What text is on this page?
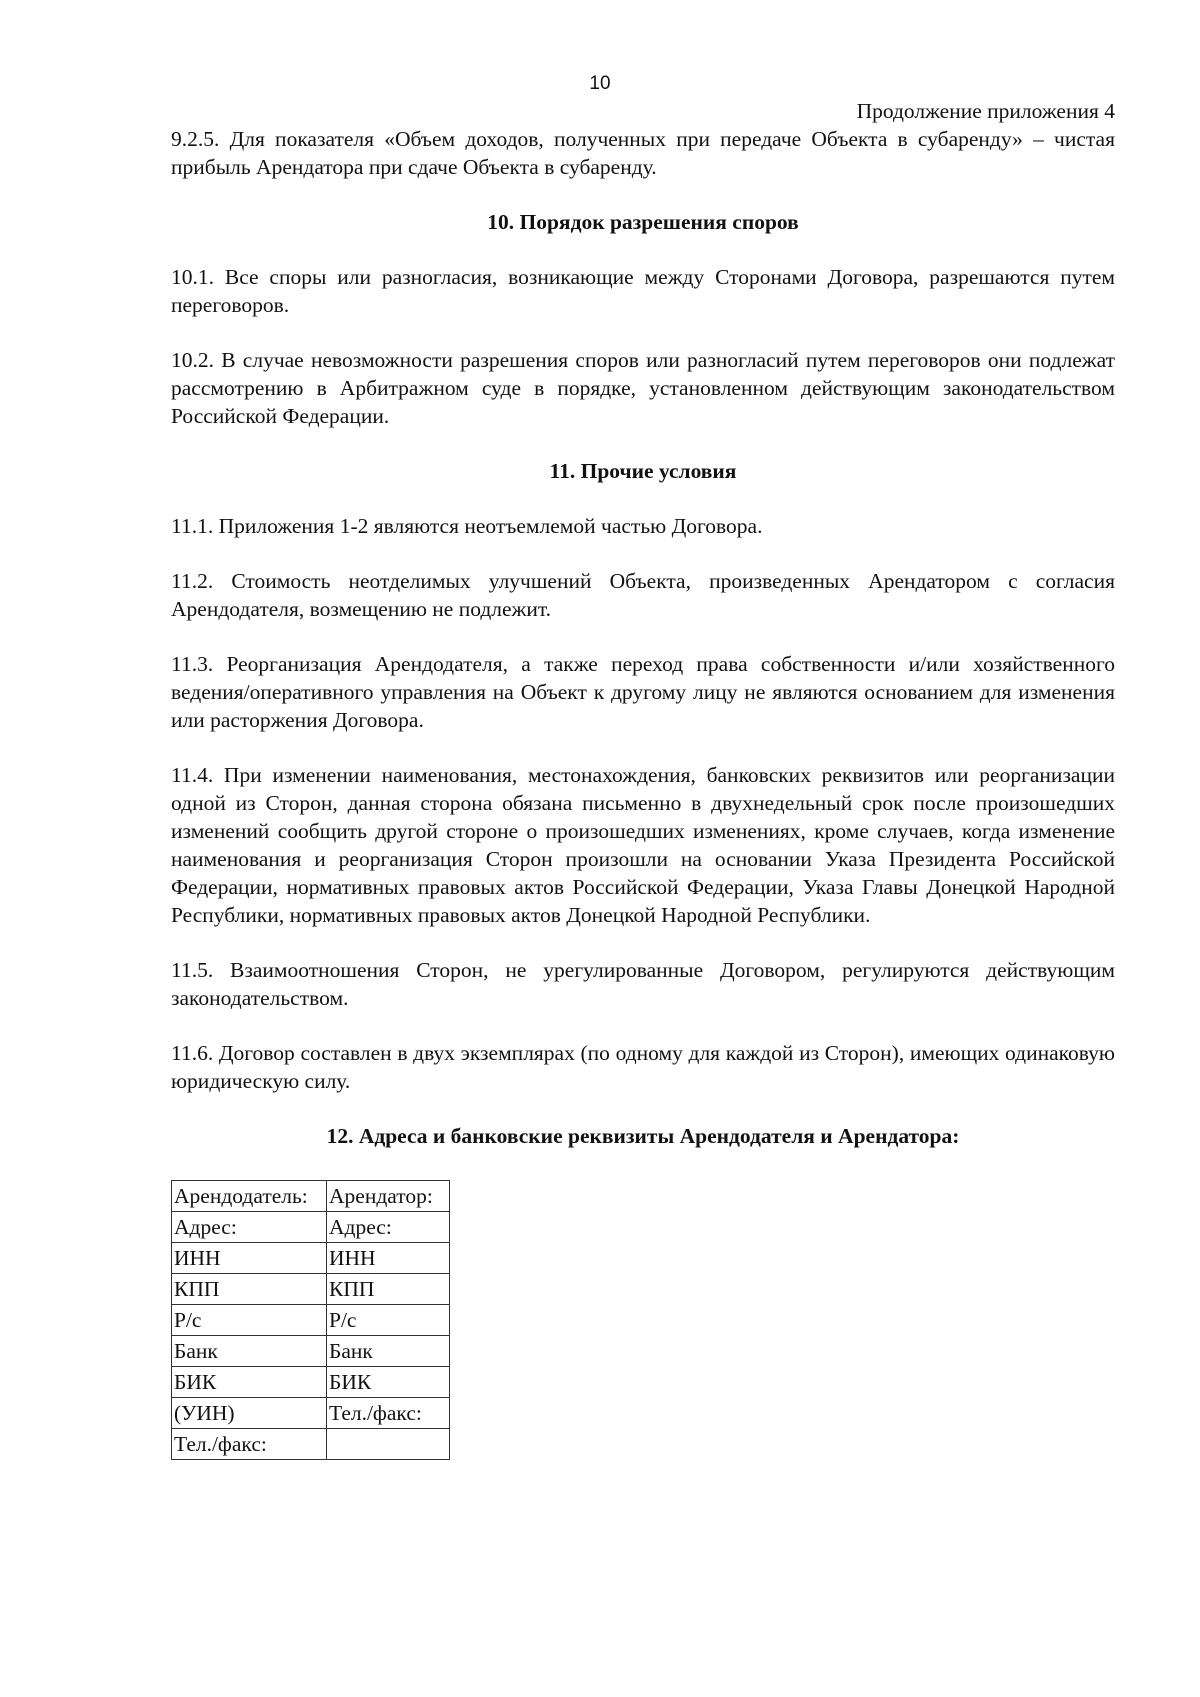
10
Продолжение приложения 4

9.2.5. Для показателя «Объем доходов, полученных при передаче Объекта в субаренду» – чистая прибыль Арендатора при сдаче Объекта в субаренду.

10. Порядок разрешения споров

10.1. Все споры или разногласия, возникающие между Сторонами Договора, разрешаются путем переговоров.

10.2. В случае невозможности разрешения споров или разногласий путем переговоров они подлежат рассмотрению в Арбитражном суде в порядке, установленном действующим законодательством Российской Федерации.

11. Прочие условия

11.1. Приложения 1-2 являются неотъемлемой частью Договора.

11.2. Стоимость неотделимых улучшений Объекта, произведенных Арендатором с согласия Арендодателя, возмещению не подлежит.

11.3. Реорганизация Арендодателя, а также переход права собственности и/или хозяйственного ведения/оперативного управления на Объект к другому лицу не являются основанием для изменения или расторжения Договора.

11.4. При изменении наименования, местонахождения, банковских реквизитов или реорганизации одной из Сторон, данная сторона обязана письменно в двухнедельный срок после произошедших изменений сообщить другой стороне о произошедших изменениях, кроме случаев, когда изменение наименования и реорганизация Сторон произошли на основании Указа Президента Российской Федерации, нормативных правовых актов Российской Федерации, Указа Главы Донецкой Народной Республики, нормативных правовых актов Донецкой Народной Республики.

11.5. Взаимоотношения Сторон, не урегулированные Договором, регулируются действующим законодательством.

11.6. Договор составлен в двух экземплярах (по одному для каждой из Сторон), имеющих одинаковую юридическую силу.

12. Адреса и банковские реквизиты Арендодателя и Арендатора:
Арендодатель:	Арендатор:
Адрес:	Адрес:
ИНН	ИНН
КПП	КПП
Р/с	Р/с
Банк	Банк
БИК	БИК
(УИН)	Тел./факс:
Тел./факс:	
